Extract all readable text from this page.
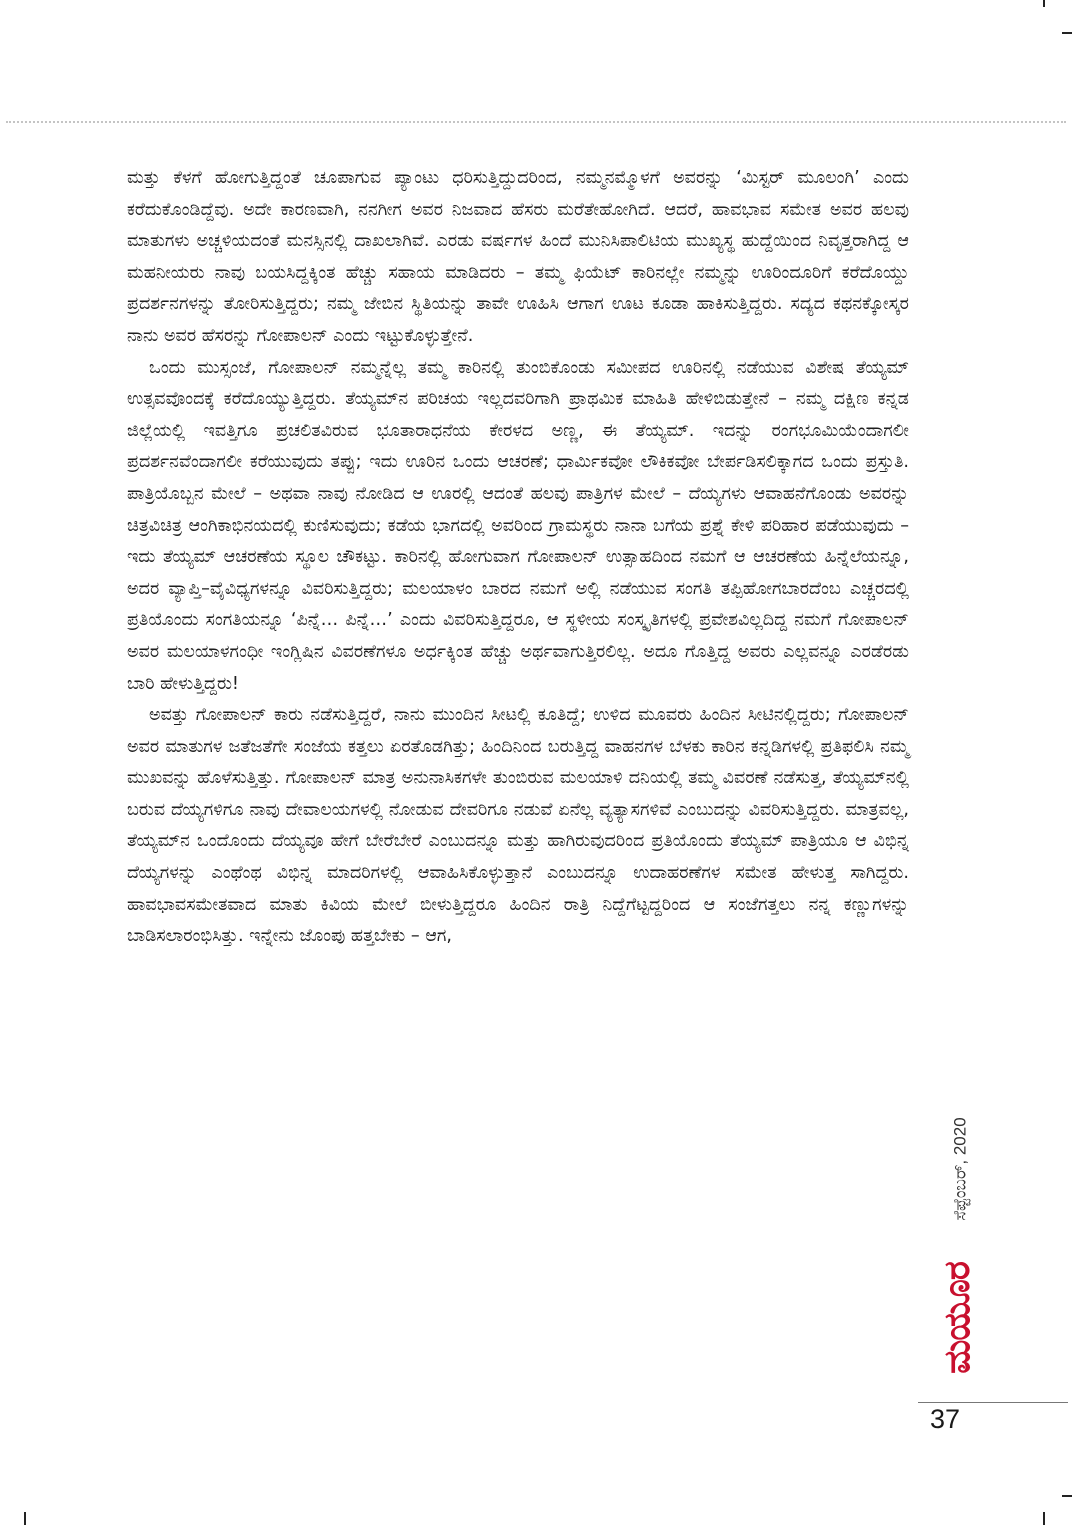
ಮತ್ತು ಕೆಳಗೆ ಹೋಗುತ್ತಿದ್ದಂತೆ ಚೂಪಾಗುವ ಪ್ಯಾಂಟು ಧರಿಸುತ್ತಿದ್ದುದರಿಂದ, ನಮ್ಮನಮ್ಮೊಳಗೆ ಅವರನ್ನು ‘ಮಿಸ್ಟರ್ ಮೂಲಂಗಿ’ ಎಂದು ಕರೆದುಕೊಂಡಿದ್ದೆವು. ಅದೇ ಕಾರಣವಾಗಿ, ನನಗೀಗ ಅವರ ನಿಜವಾದ ಹೆಸರು ಮರೆತೇಹೋಗಿದೆ. ಆದರೆ, ಹಾವಭಾವ ಸಮೇತ ಅವರ ಹಲವು ಮಾತುಗಳು ಅಚ್ಚಳಿಯದಂತೆ ಮನಸ್ಸಿನಲ್ಲಿ ದಾಖಲಾಗಿವೆ. ಎರಡು ವರ್ಷಗಳ ಹಿಂದೆ ಮುನಿಸಿಪಾಲಿಟಿಯ ಮುಖ್ಯಸ್ಥ ಹುದ್ದೆಯಿಂದ ನಿವೃತ್ತರಾಗಿದ್ದ ಆ ಮಹನೀಯರು ನಾವು ಬಯಸಿದ್ದಕ್ಕಿಂತ ಹೆಚ್ಚು ಸಹಾಯ ಮಾಡಿದರು – ತಮ್ಮ ಫಿಯೆಟ್ ಕಾರಿನಲ್ಲೇ ನಮ್ಮನ್ನು ಊರಿಂದೂರಿಗೆ ಕರೆದೊಯ್ದು ಪ್ರದರ್ಶನಗಳನ್ನು ತೋರಿಸುತ್ತಿದ್ದರು; ನಮ್ಮ ಜೇಬಿನ ಸ್ಥಿತಿಯನ್ನು ತಾವೇ ಊಹಿಸಿ ಆಗಾಗ ಊಟ ಕೂಡಾ ಹಾಕಿಸುತ್ತಿದ್ದರು. ಸದ್ಯದ ಕಥನಕ್ಕೋಸ್ಕರ ನಾನು ಅವರ ಹೆಸರನ್ನು ಗೋಪಾಲನ್ ಎಂದು ಇಟ್ಟುಕೊಳ್ಳುತ್ತೇನೆ.

ಒಂದು ಮುಸ್ಸಂಜೆ, ಗೋಪಾಲನ್ ನಮ್ಮನ್ನೆಲ್ಲ ತಮ್ಮ ಕಾರಿನಲ್ಲಿ ತುಂಬಿಕೊಂಡು ಸಮೀಪದ ಊರಿನಲ್ಲಿ ನಡೆಯುವ ವಿಶೇಷ ತೆಯ್ಯಮ್ ಉತ್ಸವವೊಂದಕ್ಕೆ ಕರೆದೊಯ್ಯುತ್ತಿದ್ದರು. ತೆಯ್ಯಮ್‌ನ ಪರಿಚಯ ಇಲ್ಲದವರಿಗಾಗಿ ಪ್ರಾಥಮಿಕ ಮಾಹಿತಿ ಹೇಳಿಬಿಡುತ್ತೇನೆ – ನಮ್ಮ ದಕ್ಷಿಣ ಕನ್ನಡ ಜಿಲ್ಲೆಯಲ್ಲಿ ಇವತ್ತಿಗೂ ಪ್ರಚಲಿತವಿರುವ ಭೂತಾರಾಧನೆಯ ಕೇರಳದ ಅಣ್ಣ, ಈ ತೆಯ್ಯಮ್. ಇದನ್ನು ರಂಗಭೂಮಿಯೆಂದಾಗಲೀ ಪ್ರದರ್ಶನವೆಂದಾಗಲೀ ಕರೆಯುವುದು ತಪ್ಪು; ಇದು ಊರಿನ ಒಂದು ಆಚರಣೆ; ಧಾರ್ಮಿಕವೋ ಲೌಕಿಕವೋ ಬೇರ್ಪಡಿಸಲಿಕ್ಕಾಗದ ಒಂದು ಪ್ರಸ್ತುತಿ. ಪಾತ್ರಿಯೊಬ್ಬನ ಮೇಲೆ – ಅಥವಾ ನಾವು ನೋಡಿದ ಆ ಊರಲ್ಲಿ ಆದಂತೆ ಹಲವು ಪಾತ್ರಿಗಳ ಮೇಲೆ – ದೆಯ್ಯಗಳು ಆವಾಹನೆಗೊಂಡು ಅವರನ್ನು ಚಿತ್ರವಿಚಿತ್ರ ಆಂಗಿಕಾಭಿನಯದಲ್ಲಿ ಕುಣಿಸುವುದು; ಕಡೆಯ ಭಾಗದಲ್ಲಿ ಅವರಿಂದ ಗ್ರಾಮಸ್ಥರು ನಾನಾ ಬಗೆಯ ಪ್ರಶ್ನೆ ಕೇಳಿ ಪರಿಹಾರ ಪಡೆಯುವುದು – ಇದು ತೆಯ್ಯಮ್ ಆಚರಣೆಯ ಸ್ಥೂಲ ಚೌಕಟ್ಟು. ಕಾರಿನಲ್ಲಿ ಹೋಗುವಾಗ ಗೋಪಾಲನ್ ಉತ್ಸಾಹದಿಂದ ನಮಗೆ ಆ ಆಚರಣೆಯ ಹಿನ್ನೆಲೆಯನ್ನೂ, ಅದರ ವ್ಯಾಪ್ತಿ–ವೈವಿಧ್ಯಗಳನ್ನೂ ವಿವರಿಸುತ್ತಿದ್ದರು; ಮಲಯಾಳಂ ಬಾರದ ನಮಗೆ ಅಲ್ಲಿ ನಡೆಯುವ ಸಂಗತಿ ತಪ್ಪಿಹೋಗಬಾರದೆಂಬ ಎಚ್ಚರದಲ್ಲಿ ಪ್ರತಿಯೊಂದು ಸಂಗತಿಯನ್ನೂ ‘ಪಿನ್ನೆ… ಪಿನ್ನೆ…’ ಎಂದು ವಿವರಿಸುತ್ತಿದ್ದರೂ, ಆ ಸ್ಥಳೀಯ ಸಂಸ್ಕೃತಿಗಳಲ್ಲಿ ಪ್ರವೇಶವಿಲ್ಲದಿದ್ದ ನಮಗೆ ಗೋಪಾಲನ್ ಅವರ ಮಲಯಾಳಗಂಧೀ ಇಂಗ್ಲಿಷಿನ ವಿವರಣೆಗಳೂ ಅರ್ಧಕ್ಕಿಂತ ಹೆಚ್ಚು ಅರ್ಥವಾಗುತ್ತಿರಲಿಲ್ಲ. ಅದೂ ಗೊತ್ತಿದ್ದ ಅವರು ಎಲ್ಲವನ್ನೂ ಎರಡೆರಡು ಬಾರಿ ಹೇಳುತ್ತಿದ್ದರು!

ಅವತ್ತು ಗೋಪಾಲನ್ ಕಾರು ನಡೆಸುತ್ತಿದ್ದರೆ, ನಾನು ಮುಂದಿನ ಸೀಟಲ್ಲಿ ಕೂತಿದ್ದೆ; ಉಳಿದ ಮೂವರು ಹಿಂದಿನ ಸೀಟಿನಲ್ಲಿದ್ದರು; ಗೋಪಾಲನ್ ಅವರ ಮಾತುಗಳ ಜತೆಜತೆಗೇ ಸಂಜೆಯ ಕತ್ತಲು ಏರತೊಡಗಿತ್ತು; ಹಿಂದಿನಿಂದ ಬರುತ್ತಿದ್ದ ವಾಹನಗಳ ಬೆಳಕು ಕಾರಿನ ಕನ್ನಡಿಗಳಲ್ಲಿ ಪ್ರತಿಫಲಿಸಿ ನಮ್ಮ ಮುಖವನ್ನು ಹೊಳೆಸುತ್ತಿತ್ತು. ಗೋಪಾಲನ್ ಮಾತ್ರ ಅನುನಾಸಿಕಗಳೇ ತುಂಬಿರುವ ಮಲಯಾಳಿ ದನಿಯಲ್ಲಿ ತಮ್ಮ ವಿವರಣೆ ನಡೆಸುತ್ತ, ತೆಯ್ಯಮ್‌ನಲ್ಲಿ ಬರುವ ದೆಯ್ಯಗಳಿಗೂ ನಾವು ದೇವಾಲಯಗಳಲ್ಲಿ ನೋಡುವ ದೇವರಿಗೂ ನಡುವೆ ಏನೆಲ್ಲ ವ್ಯತ್ಯಾಸಗಳಿವೆ ಎಂಬುದನ್ನು ವಿವರಿಸುತ್ತಿದ್ದರು. ಮಾತ್ರವಲ್ಲ, ತೆಯ್ಯಮ್‌ನ ಒಂದೊಂದು ದೆಯ್ಯವೂ ಹೇಗೆ ಬೇರೆಬೇರೆ ಎಂಬುದನ್ನೂ ಮತ್ತು ಹಾಗಿರುವುದರಿಂದ ಪ್ರತಿಯೊಂದು ತೆಯ್ಯಮ್ ಪಾತ್ರಿಯೂ ಆ ವಿಭಿನ್ನ ದೆಯ್ಯಗಳನ್ನು ಎಂಥೆಂಥ ವಿಭಿನ್ನ ಮಾದರಿಗಳಲ್ಲಿ ಆವಾಹಿಸಿಕೊಳ್ಳುತ್ತಾನೆ ಎಂಬುದನ್ನೂ ಉದಾಹರಣೆಗಳ ಸಮೇತ ಹೇಳುತ್ತ ಸಾಗಿದ್ದರು. ಹಾವಭಾವಸಮೇತವಾದ ಮಾತು ಕಿವಿಯ ಮೇಲೆ ಬೀಳುತ್ತಿದ್ದರೂ ಹಿಂದಿನ ರಾತ್ರಿ ನಿದ್ದೆಗೆಟ್ಟದ್ದರಿಂದ ಆ ಸಂಜೆಗತ್ತಲು ನನ್ನ ಕಣ್ಣುಗಳನ್ನು ಬಾಡಿಸಲಾರಂಭಿಸಿತ್ತು. ಇನ್ನೇನು ಜೊಂಪು ಹತ್ತಬೇಕು – ಆಗ,

ಸೆಪ್ಟೆಂಬರ್, 2020
ಮಯೂರ
37
